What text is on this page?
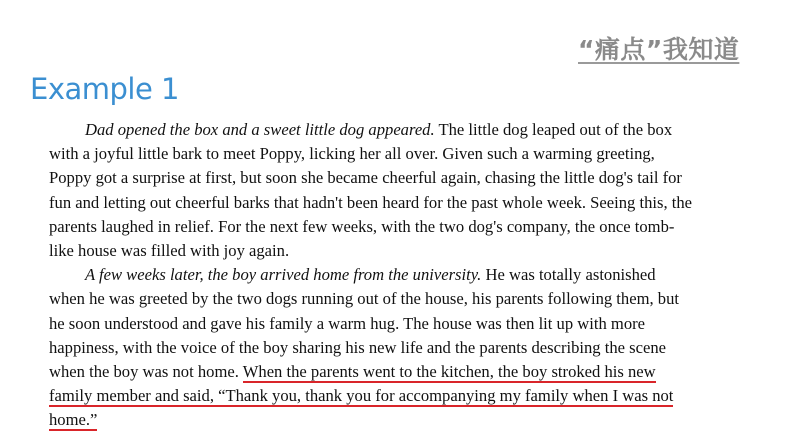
“痛点”我知道
Example 1
Dad opened the box and a sweet little dog appeared. The little dog leaped out of the box
with a joyful little bark to meet Poppy, licking her all over. Given such a warming greeting,
Poppy got a surprise at first, but soon she became cheerful again, chasing the little dog's tail for
fun and letting out cheerful barks that hadn't been heard for the past whole week. Seeing this, the
parents laughed in relief. For the next few weeks, with the two dog's company, the once tomb-
like house was filled with joy again.
A few weeks later, the boy arrived home from the university. He was totally astonished
when he was greeted by the two dogs running out of the house, his parents following them, but
he soon understood and gave his family a warm hug. The house was then lit up with more
happiness, with the voice of the boy sharing his new life and the parents describing the scene
when the boy was not home. When the parents went to the kitchen, the boy stroked his new
family member and said, “Thank you, thank you for accompanying my family when I was not
home.”
